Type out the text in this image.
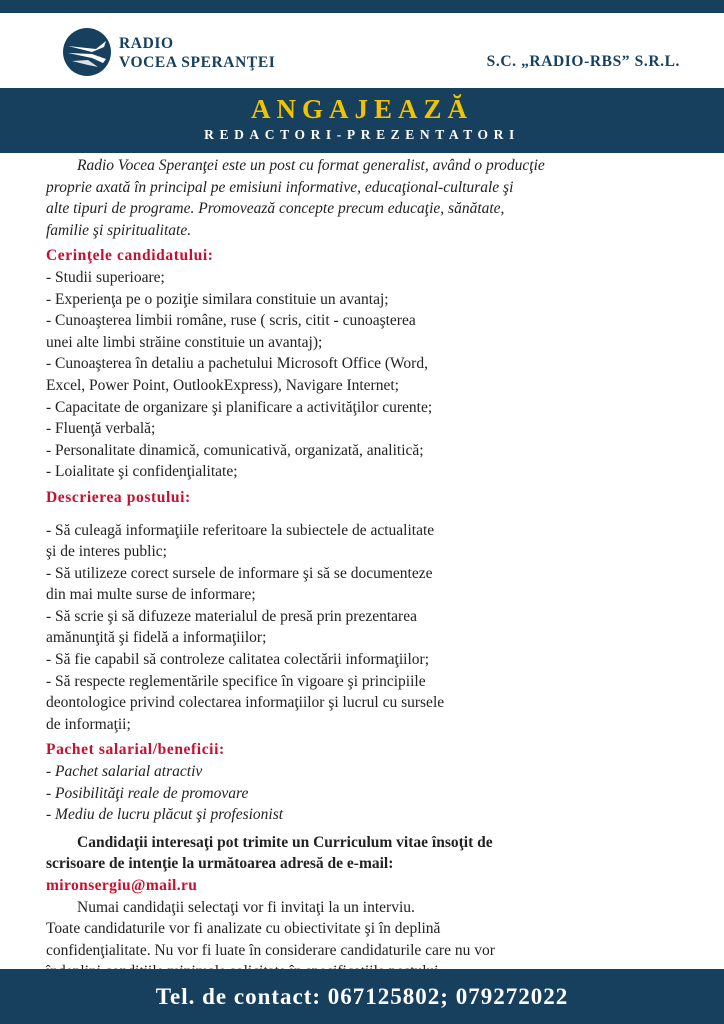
RADIO
VOCEA SPERANŢEI	S.C. „RADIO-RBS” S.R.L.
ANGAJEAZĂ
REDACTORI-PREZENTATORI

Radio Vocea Speranţei este un post cu format generalist, având o producţie

proprie axată în principal pe emisiuni informative, educaţional-culturale şi

alte tipuri de programe. Promovează concepte precum educaţie, sănătate,

familie şi spiritualitate.

Cerinţele candidatului:

- Studii superioare;

- Experienţa pe o poziţie similara constituie un avantaj;

- Cunoaşterea limbii române, ruse ( scris, citit - cunoaşterea

unei alte limbi străine constituie un avantaj);

- Cunoaşterea în detaliu a pachetului Microsoft Office (Word,

Excel, Power Point, OutlookExpress), Navigare Internet;

- Capacitate de organizare şi planificare a activităţilor curente;

- Fluenţă verbală;

- Personalitate dinamică, comunicativă, organizată, analitică;

- Loialitate şi confidenţialitate;

Descrierea postului:

- Să culeagă informaţiile referitoare la subiectele de actualitate

şi de interes public;

- Să utilizeze corect sursele de informare şi să se documenteze

din mai multe surse de informare;

- Să scrie şi să difuzeze materialul de presă prin prezentarea

amănunţită şi fidelă a informaţiilor;

- Să fie capabil să controleze calitatea colectării informaţiilor;

- Să respecte reglementările specifice în vigoare şi principiile

deontologice privind colectarea informaţiilor şi lucrul cu sursele

de informaţii;

Pachet salarial/beneficii:

- Pachet salarial atractiv

- Posibilităţi reale de promovare

- Mediu de lucru plăcut şi profesionist

Candidaţii interesaţi pot trimite un Curriculum vitae însoţit de

scrisoare de intenţie la următoarea adresă de e-mail:

mironsergiu@mail.ru

Numai candidaţii selectaţi vor fi invitaţi la un interviu.

Toate candidaturile vor fi analizate cu obiectivitate şi în deplină

confidenţialitate. Nu vor fi luate în considerare candidaturile care nu vor

Tel. de contact: 067125802; 079272022
